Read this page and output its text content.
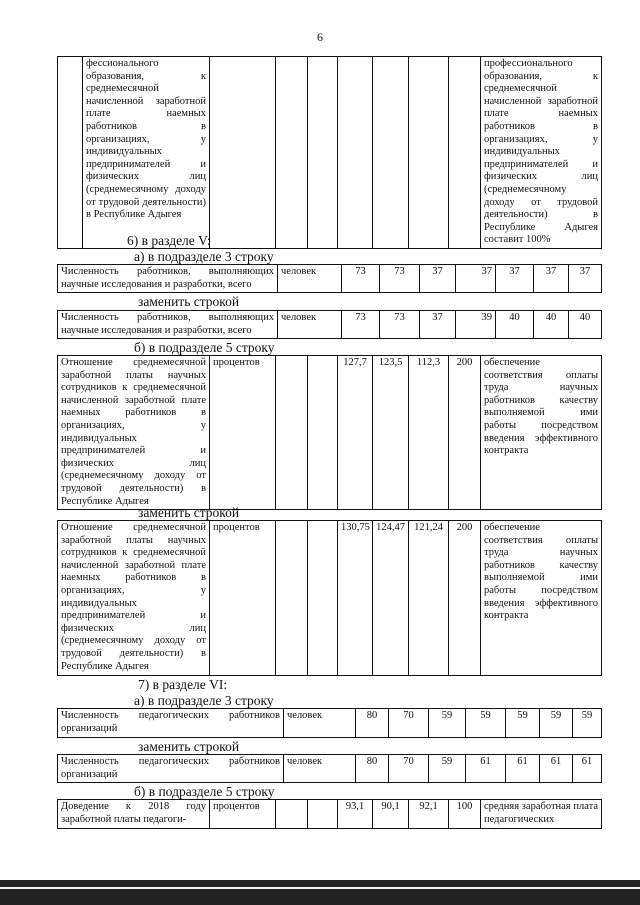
6
	фессионального образования, к среднемесячной начисленной заработной плате наемных работников в организациях, у индивидуальных предпринимателей и физических лиц (среднемесячному доходу от трудовой деятельности) в Республике Адыгея								профессионального образования, к среднемесячной начисленной заработной плате наемных работников в организациях, у индивидуальных предпринимателей и физических лиц (среднемесячному доходу от трудовой деятельности) в Республике Адыгея составит 100%
6) в разделе V:
а) в подразделе 3 строку
Численность работников, выполняющих научные исследования и разработки, всего	человек	73	73	37	37	37	37	37
заменить строкой
Численность работников, выполняющих научные исследования и разработки, всего	человек	73	73	37	39	40	40	40
б) в подразделе 5 строку
Отношение среднемесячной заработной платы научных сотрудников к среднемесячной начисленной заработной плате наемных работников в организациях, у индивидуальных предпринимателей и физических лиц (среднемесячному доходу от трудовой деятельности) в Республике Адыгея	процентов			127,7	123,5	112,3	200	обеспечение соответствия оплаты труда научных работников качеству выполняемой ими работы посредством введения эффективного контракта
заменить строкой
Отношение среднемесячной заработной платы научных сотрудников к среднемесячной начисленной заработной плате наемных работников в организациях, у индивидуальных предпринимателей и физических лиц (среднемесячному доходу от трудовой деятельности) в Республике Адыгея	процентов			130,75	124,47	121,24	200	обеспечение соответствия оплаты труда научных работников качеству выполняемой ими работы посредством введения эффективного контракта
7) в разделе VI:
а) в подразделе 3 строку
Численность педагогических работников организаций	человек	80	70	59	59	59	59	59
заменить строкой
Численность педагогических работников организаций	человек	80	70	59	61	61	61	61
б) в подразделе 5 строку
Доведение к 2018 году заработной платы педагоги-	процентов			93,1	90,1	92,1	100	средняя заработная плата педагогических
